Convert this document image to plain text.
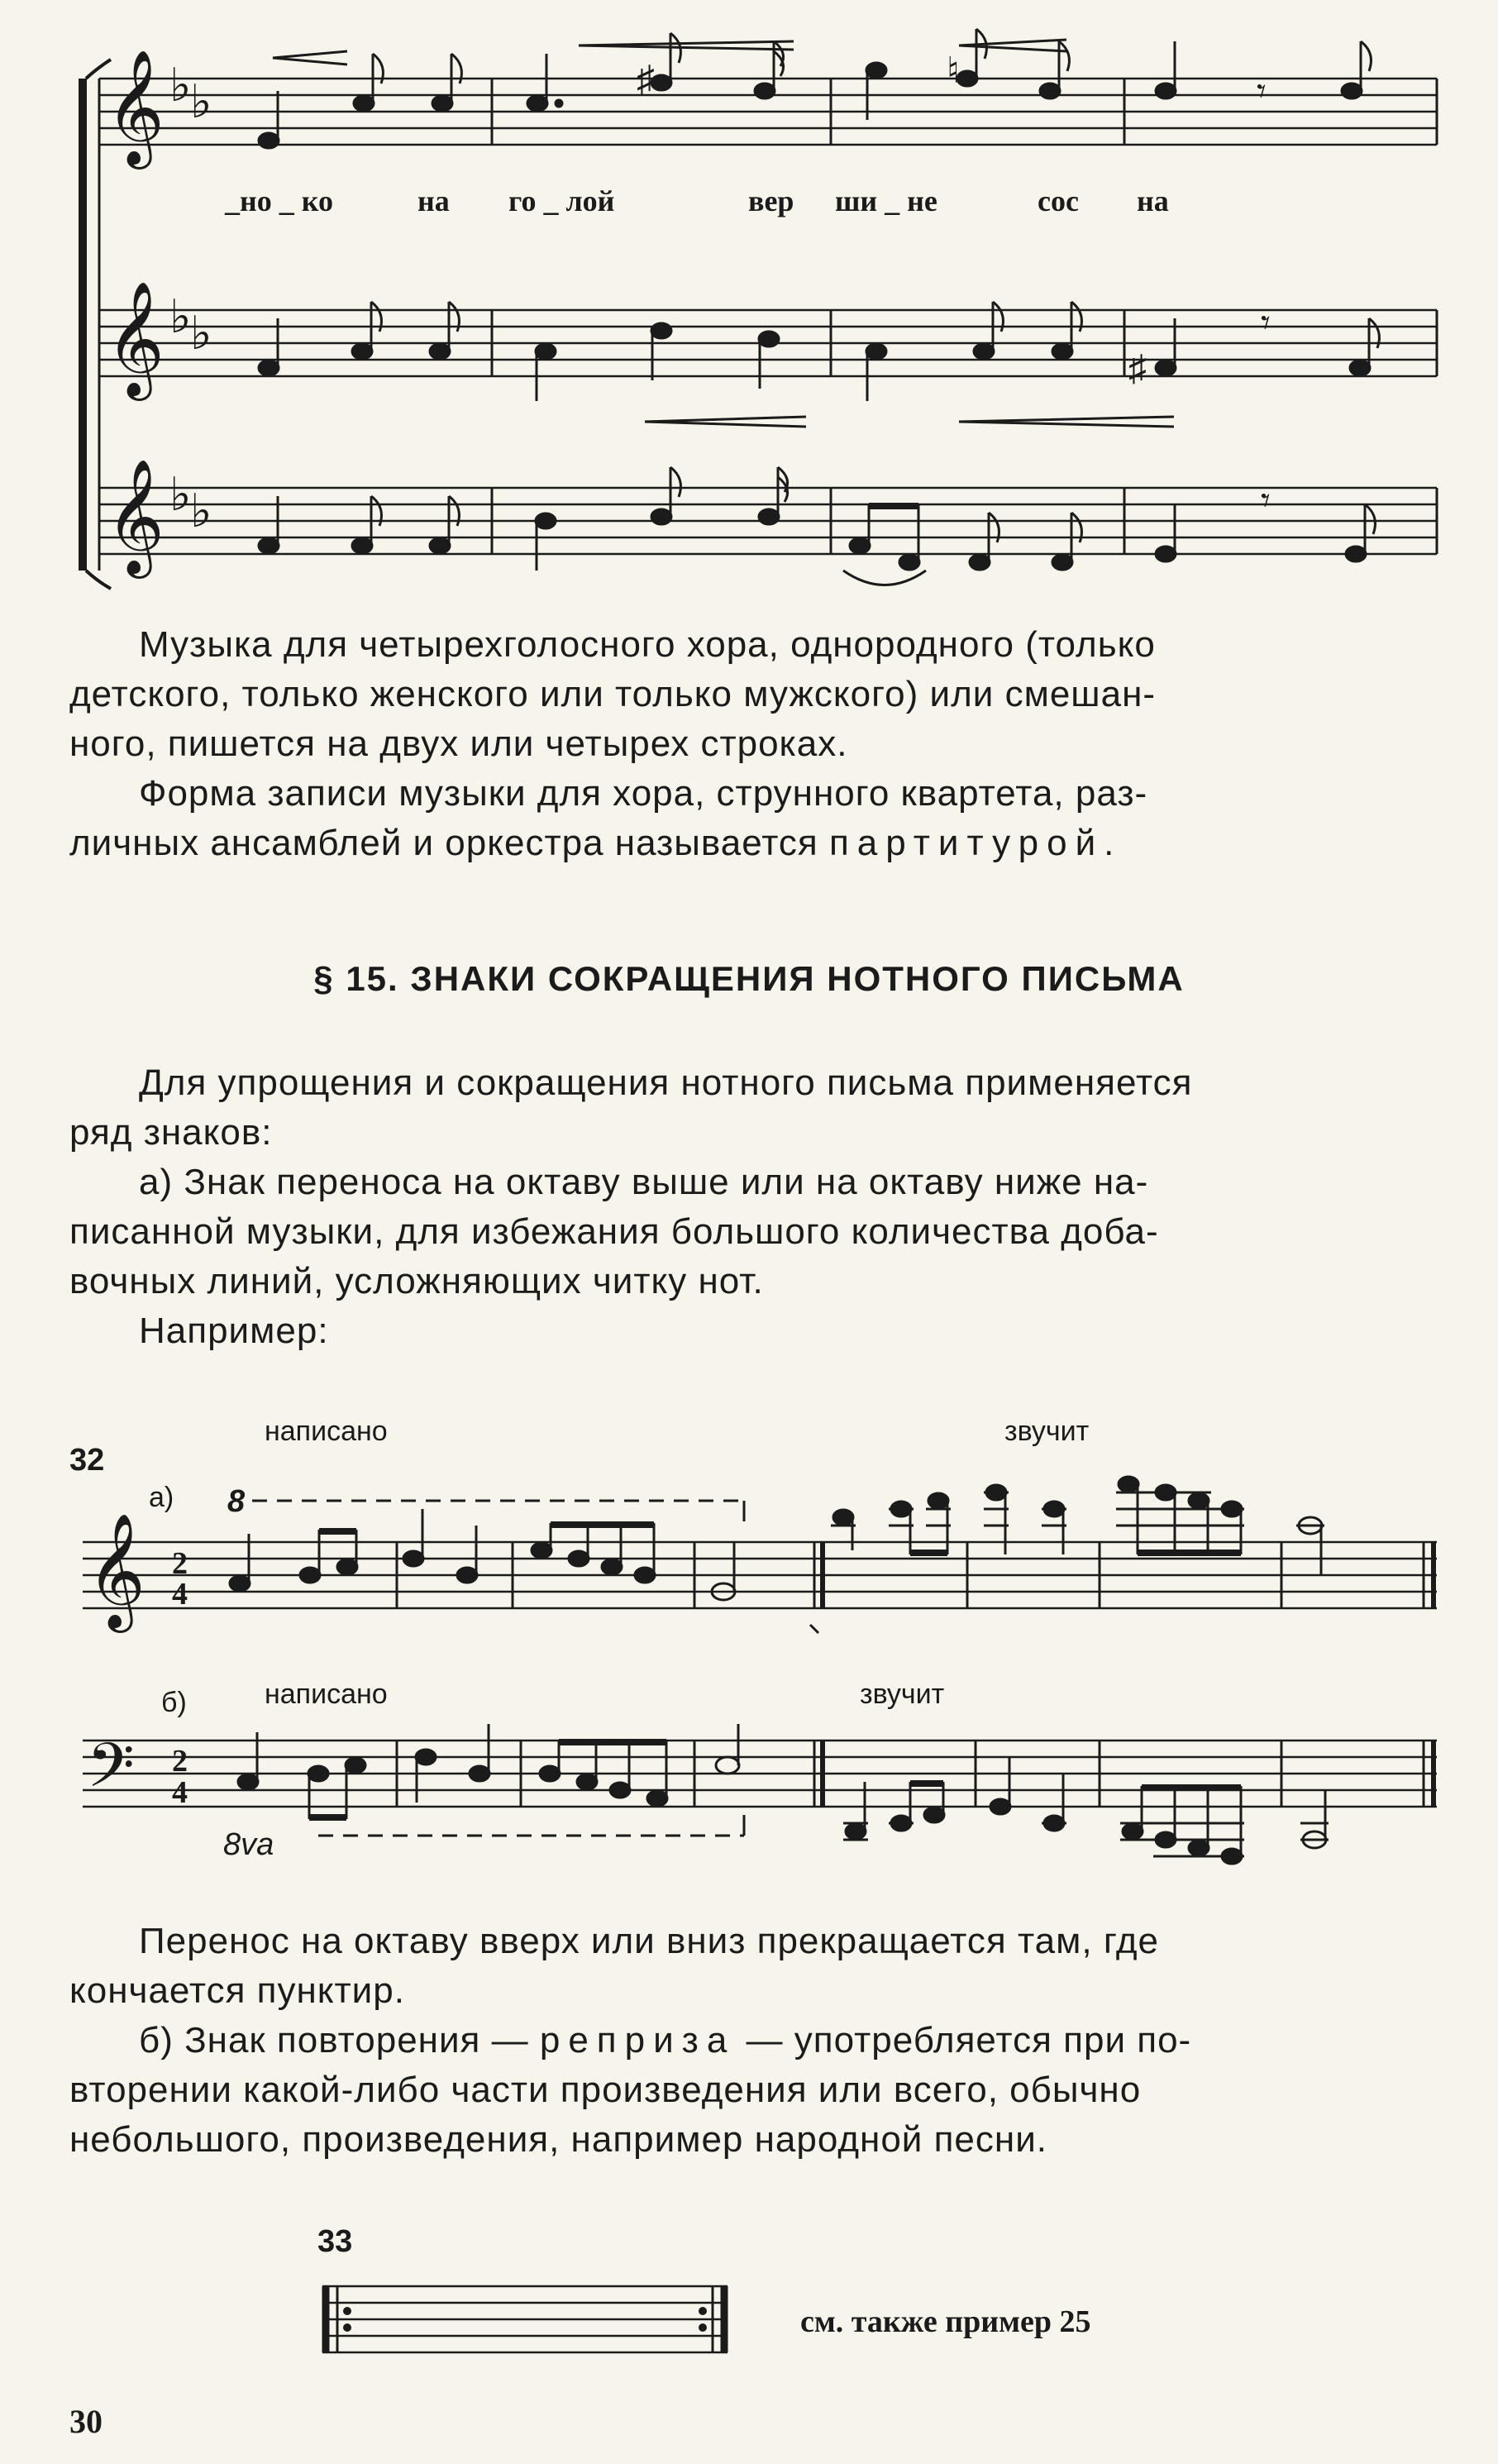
𝄞
𝄞
𝄞
♭
♭
♭
♭
♭
♭
♯	♮
𝄾
♯
𝄾
𝄾
_но _ ко	на го _ лой	вер ши _ не	сос на
Музыка для четырехголосного хора, однородного (только
детского, только женского или только мужского) или смешан-
ного, пишется на двух или четырех строках.
Форма записи музыки для хора, струнного квартета, раз-
личных ансамблей и оркестра называется партитурой.
§ 15. ЗНАКИ СОКРАЩЕНИЯ НОТНОГО ПИСЬМА
Для упрощения и сокращения нотного письма применяется
ряд знаков:
а) Знак переноса на октаву выше или на октаву ниже на-
писанной музыки, для избежания большого количества доба-
вочных линий, усложняющих читку нот.
Например:
32
а)
написано	звучит
8
𝄞 2
4
б)	написано	звучит
8va
𝄢 2
4
Перенос на октаву вверх или вниз прекращается там, где
кончается пунктир.
б) Знак повторения — реприза — употребляется при по-
вторении какой-либо части произведения или всего, обычно
небольшого, произведения, например народной песни.
33
см. также пример 25
30
